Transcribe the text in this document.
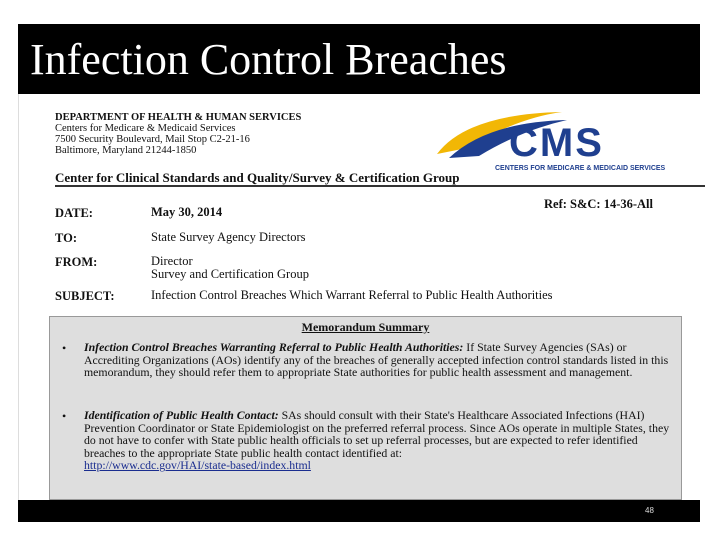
Infection Control Breaches
DEPARTMENT OF HEALTH & HUMAN SERVICES
Centers for Medicare & Medicaid Services
7500 Security Boulevard, Mail Stop C2-21-16
Baltimore, Maryland 21244-1850	CMS
CENTERS FOR MEDICARE & MEDICAID SERVICES
Center for Clinical Standards and Quality/Survey & Certification Group
Ref: S&C: 14-36-All
DATE:	May 30, 2014
TO:	State Survey Agency Directors
FROM:	Director
Survey and Certification Group
SUBJECT:	Infection Control Breaches Which Warrant Referral to Public Health Authorities
Memorandum Summary
• Infection Control Breaches Warranting Referral to Public Health Authorities: If State Survey Agencies (SAs) or Accrediting Organizations (AOs) identify any of the breaches of generally accepted infection control standards listed in this memorandum, they should refer them to appropriate State authorities for public health assessment and management.
• Identification of Public Health Contact: SAs should consult with their State's Healthcare Associated Infections (HAI) Prevention Coordinator or State Epidemiologist on the preferred referral process. Since AOs operate in multiple States, they do not have to confer with State public health officials to set up referral processes, but are expected to refer identified breaches to the appropriate State public health contact identified at:
http://www.cdc.gov/HAI/state-based/index.html
48
